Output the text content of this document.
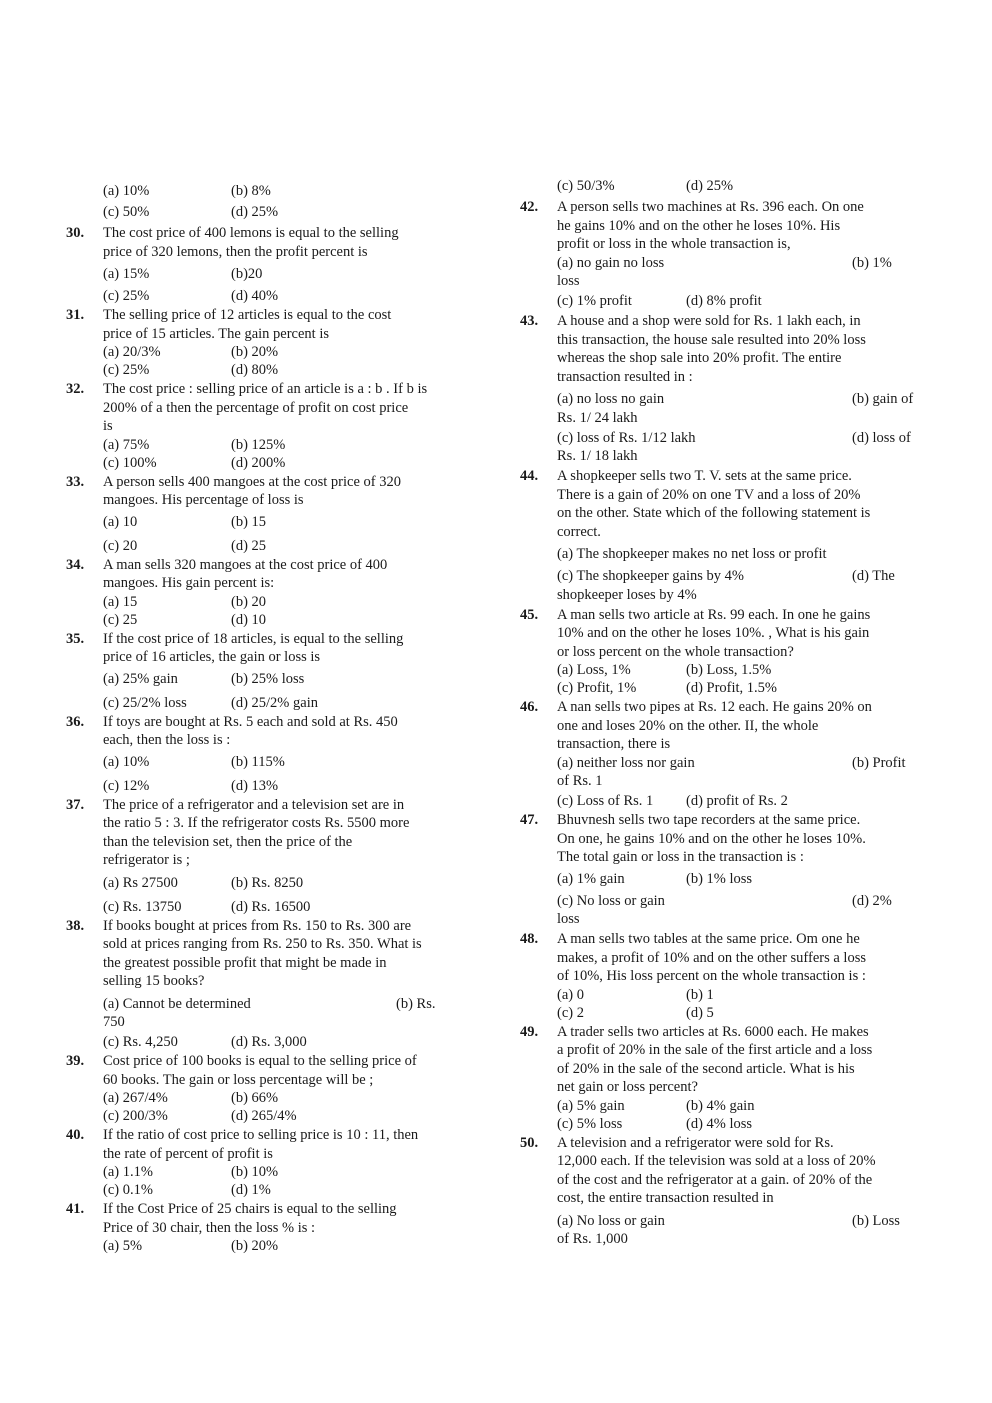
(a) 10%	(b) 8%
(c) 50%	(d) 25%
30. The cost price of 400 lemons is equal to the selling
price of 320 lemons, then the profit percent is
(a) 15%	(b)20
(c) 25%	(d) 40%
31. The selling price of 12 articles is equal to the cost
price of 15 articles. The gain percent is
(a) 20/3%	(b) 20%
(c) 25%	(d) 80%
32. The cost price : selling price of an article is a : b . If b is
200% of a then the percentage of profit on cost price
is
(a) 75%	(b) 125%
(c) 100%	(d) 200%
33. A person sells 400 mangoes at the cost price of 320
mangoes. His percentage of loss is
(a) 10	(b) 15
(c) 20	(d) 25
34. A man sells 320 mangoes at the cost price of 400
mangoes. His gain percent is:
(a) 15	(b) 20
(c) 25	(d) 10
35. If the cost price of 18 articles, is equal to the selling
price of 16 articles, the gain or loss is
(a) 25% gain	(b) 25% loss
(c) 25/2% loss	(d) 25/2% gain
36. If toys are bought at Rs. 5 each and sold at Rs. 450
each, then the loss is :
(a) 10%	(b) 115%
(c) 12%	(d) 13%
37. The price of a refrigerator and a television set are in
the ratio 5 : 3. If the refrigerator costs Rs. 5500 more
than the television set, then the price of the
refrigerator is ;
(a) Rs 27500	(b) Rs. 8250
(c) Rs. 13750	(d) Rs. 16500
38. If books bought at prices from Rs. 150 to Rs. 300 are
sold at prices ranging from Rs. 250 to Rs. 350. What is
the greatest possible profit that might be made in
selling 15 books?
(a) Cannot be determined	(b) Rs.
750
(c) Rs. 4,250	(d) Rs. 3,000
39. Cost price of 100 books is equal to the selling price of
60 books. The gain or loss percentage will be ;
(a) 267/4%	(b) 66%
(c) 200/3%	(d) 265/4%
40. If the ratio of cost price to selling price is 10 : 11, then
the rate of percent of profit is
(a) 1.1%	(b) 10%
(c) 0.1%	(d) 1%
41. If the Cost Price of 25 chairs is equal to the selling
Price of 30 chair, then the loss % is :
(a) 5%	(b) 20%
(c) 50/3%	(d) 25%
42. A person sells two machines at Rs. 396 each. On one
he gains 10% and on the other he loses 10%. His
profit or loss in the whole transaction is,
(a) no gain no loss	(b) 1%
loss
(c) 1% profit	(d) 8% profit
43. A house and a shop were sold for Rs. 1 lakh each, in
this transaction, the house sale resulted into 20% loss
whereas the shop sale into 20% profit. The entire
transaction resulted in :
(a) no loss no gain	(b) gain of
Rs. 1/ 24 lakh
(c) loss of Rs. 1/12 lakh	(d) loss of
Rs. 1/ 18 lakh
44. A shopkeeper sells two T. V. sets at the same price.
There is a gain of 20% on one TV and a loss of 20%
on the other. State which of the following statement is
correct.
(a) The shopkeeper makes no net loss or profit
(c) The shopkeeper gains by 4%	(d) The
shopkeeper loses by 4%
45. A man sells two article at Rs. 99 each. In one he gains
10% and on the other he loses 10%. , What is his gain
or loss percent on the whole transaction?
(a) Loss, 1%	(b) Loss, 1.5%
(c) Profit, 1%	(d) Profit, 1.5%
46. A nan sells two pipes at Rs. 12 each. He gains 20% on
one and loses 20% on the other. II, the whole
transaction, there is
(a) neither loss nor gain	(b) Profit
of Rs. 1
(c) Loss of Rs. 1 (d) profit of Rs. 2
47. Bhuvnesh sells two tape recorders at the same price.
On one, he gains 10% and on the other he loses 10%.
The total gain or loss in the transaction is :
(a) 1% gain	(b) 1% loss
(c) No loss or gain	(d) 2%
loss
48. A man sells two tables at the same price. Om one he
makes, a profit of 10% and on the other suffers a loss
of 10%, His loss percent on the whole transaction is :
(a) 0	(b) 1
(c) 2	(d) 5
49. A trader sells two articles at Rs. 6000 each. He makes
a profit of 20% in the sale of the first article and a loss
of 20% in the sale of the second article. What is his
net gain or loss percent?
(a) 5% gain	(b) 4% gain
(c) 5% loss	(d) 4% loss
50. A television and a refrigerator were sold for Rs.
12,000 each. If the television was sold at a loss of 20%
of the cost and the refrigerator at a gain. of 20% of the
cost, the entire transaction resulted in
(a) No loss or gain	(b) Loss
of Rs. 1,000
